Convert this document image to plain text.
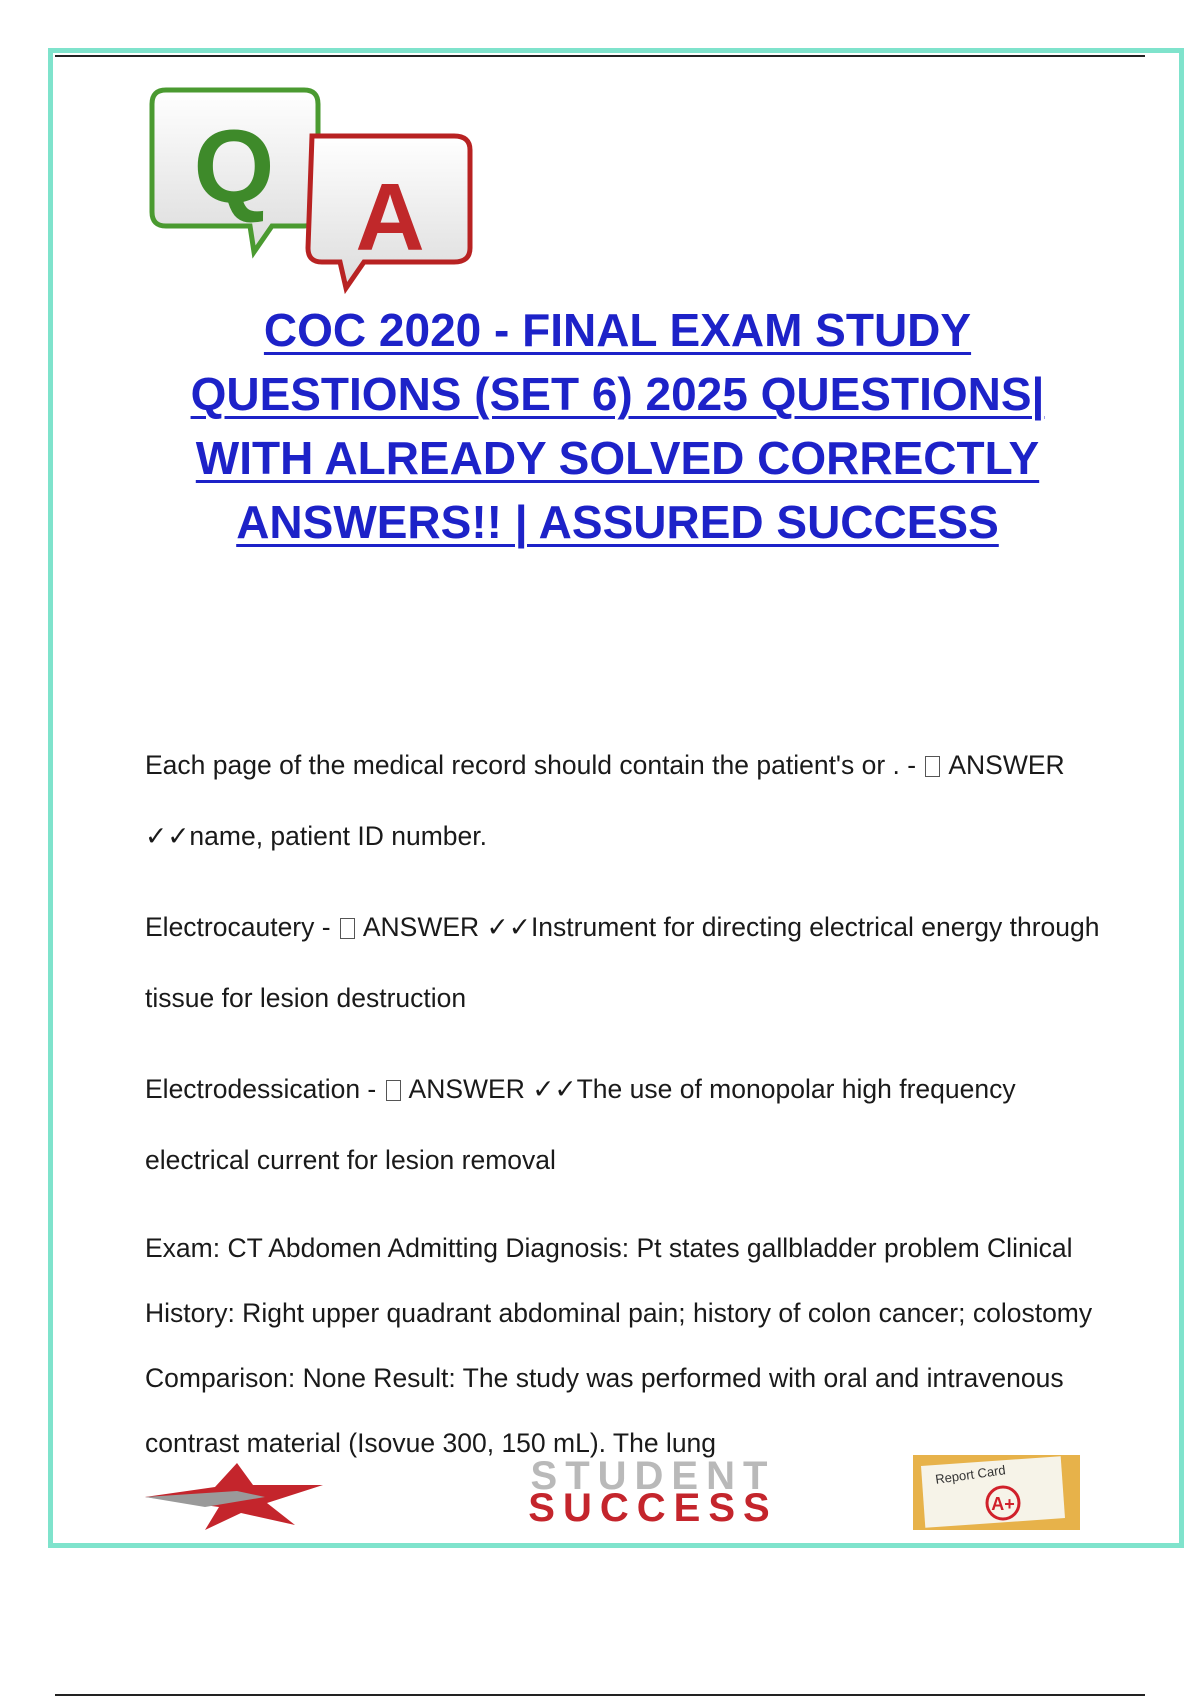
Q A
COC 2020 - FINAL EXAM STUDY QUESTIONS (SET 6) 2025 QUESTIONS| WITH ALREADY SOLVED CORRECTLY ANSWERS!! | ASSURED SUCCESS

Each page of the medical record should contain the patient's or . -  ANSWER ✓✓name, patient ID number.

Electrocautery -  ANSWER ✓✓Instrument for directing electrical energy through tissue for lesion destruction

Electrodessication -  ANSWER ✓✓The use of monopolar high frequency electrical current for lesion removal

Exam: CT Abdomen Admitting Diagnosis: Pt states gallbladder problem Clinical History: Right upper quadrant abdominal pain; history of colon cancer; colostomy Comparison: None Result: The study was performed with oral and intravenous contrast material (Isovue 300, 150 mL). The lung

STUDENT
SUCCESS
Report Card
A+
